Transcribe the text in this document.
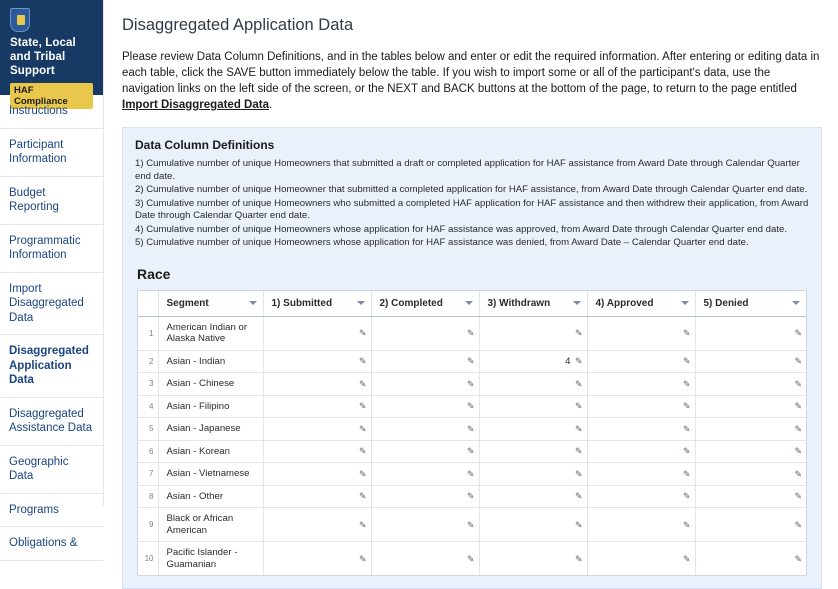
State, Local and Tribal Support
HAF Compliance
Instructions
Participant Information
Budget Reporting
Programmatic Information
Import Disaggregated Data
Disaggregated Application Data
Disaggregated Assistance Data
Geographic Data
Programs
Obligations &
Disaggregated Application Data
Please review Data Column Definitions, and in the tables below and enter or edit the required information. After entering or editing data in each table, click the SAVE button immediately below the table. If you wish to import some or all of the participant's data, use the navigation links on the left side of the screen, or the NEXT and BACK buttons at the bottom of the page, to return to the page entitled Import Disaggregated Data.
Data Column Definitions
1) Cumulative number of unique Homeowners that submitted a draft or completed application for HAF assistance from Award Date through Calendar Quarter end date.
2) Cumulative number of unique Homeowner that submitted a completed application for HAF assistance, from Award Date through Calendar Quarter end date.
3) Cumulative number of unique Homeowners who submitted a completed HAF application for HAF assistance and then withdrew their application, from Award Date through Calendar Quarter end date.
4) Cumulative number of unique Homeowners whose application for HAF assistance was approved, from Award Date through Calendar Quarter end date.
5) Cumulative number of unique Homeowners whose application for HAF assistance was denied, from Award Date – Calendar Quarter end date.
Race
	Segment	1) Submitted	2) Completed	3) Withdrawn	4) Approved	5) Denied

1	American Indian or Alaska Native	✎	✎	✎	✎	✎

2	Asian - Indian	✎	✎	4 ✎	✎	✎

3	Asian - Chinese	✎	✎	✎	✎	✎

4	Asian - Filipino	✎	✎	✎	✎	✎

5	Asian - Japanese	✎	✎	✎	✎	✎

6	Asian - Korean	✎	✎	✎	✎	✎

7	Asian - Vietnamese	✎	✎	✎	✎	✎

8	Asian - Other	✎	✎	✎	✎	✎

9	Black or African American	✎	✎	✎	✎	✎

10	Pacific Islander - Guamanian	✎	✎	✎	✎	✎
